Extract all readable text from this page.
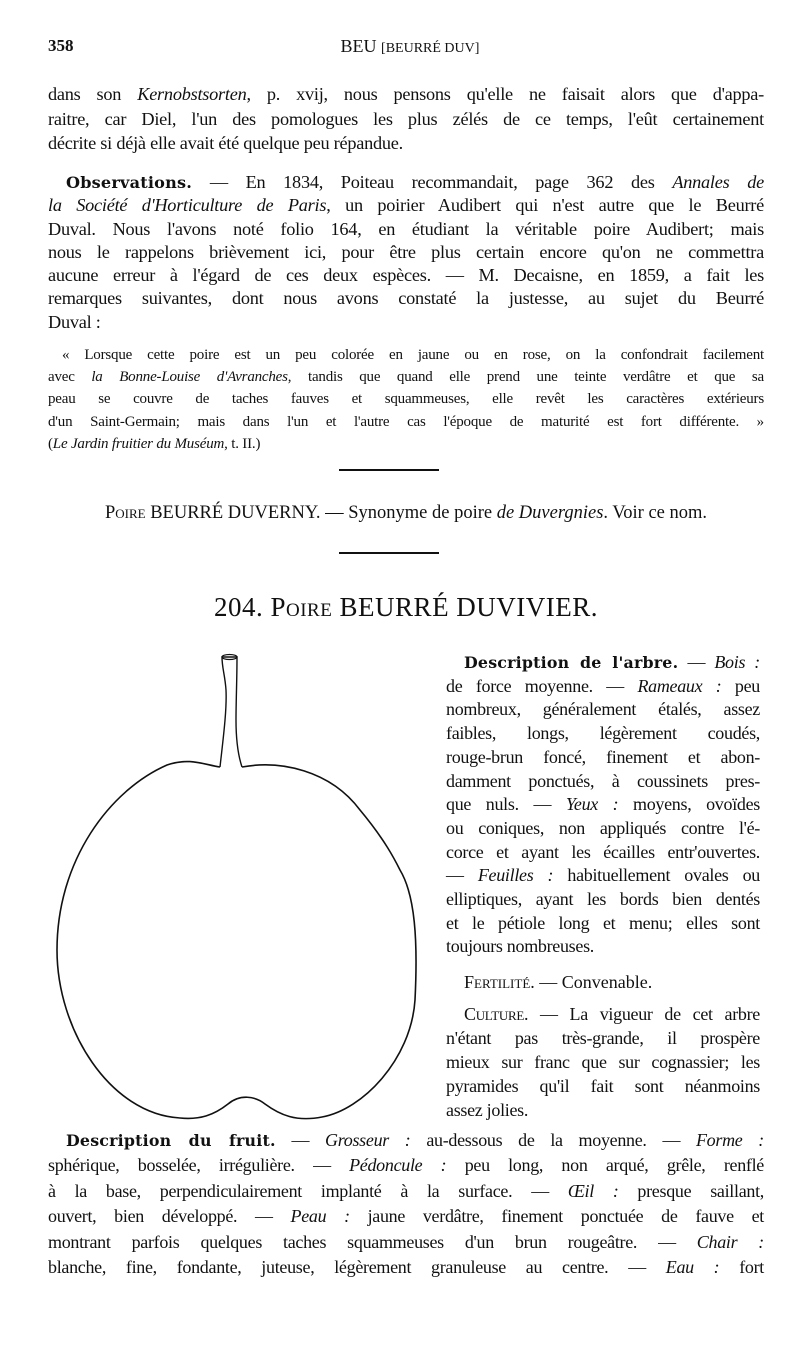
358	BEU [BEURRÉ DUV]
dans son Kernobstsorten, p. xvij, nous pensons qu'elle ne faisait alors que d'appa-
raitre, car Diel, l'un des pomologues les plus zélés de ce temps, l'eût certainement
décrite si déjà elle avait été quelque peu répandue.
Observations. — En 1834, Poiteau recommandait, page 362 des Annales de
la Société d'Horticulture de Paris, un poirier Audibert qui n'est autre que le Beurré
Duval. Nous l'avons noté folio 164, en étudiant la véritable poire Audibert; mais
nous le rappelons brièvement ici, pour être plus certain encore qu'on ne commettra
aucune erreur à l'égard de ces deux espèces. — M. Decaisne, en 1859, a fait les
remarques suivantes, dont nous avons constaté la justesse, au sujet du Beurré
Duval :
« Lorsque cette poire est un peu colorée en jaune ou en rose, on la confondrait facilement
avec la Bonne-Louise d'Avranches, tandis que quand elle prend une teinte verdâtre et que sa
peau se couvre de taches fauves et squammeuses, elle revêt les caractères extérieurs
d'un Saint-Germain; mais dans l'un et l'autre cas l'époque de maturité est fort différente. »
(Le Jardin fruitier du Muséum, t. II.)
Poire BEURRÉ DUVERNY. — Synonyme de poire de Duvergnies. Voir ce nom.
204. Poire BEURRÉ DUVIVIER.
Description de l'arbre. — Bois :
de force moyenne. — Rameaux : peu
nombreux, généralement étalés, assez
faibles, longs, légèrement coudés,
rouge-brun foncé, finement et abon-
damment ponctués, à coussinets pres-
que nuls. — Yeux : moyens, ovoïdes
ou coniques, non appliqués contre l'é-
corce et ayant les écailles entr'ouvertes.
— Feuilles : habituellement ovales ou
elliptiques, ayant les bords bien dentés
et le pétiole long et menu; elles sont
toujours nombreuses.
Fertilité. — Convenable.
Culture. — La vigueur de cet arbre
n'étant pas très-grande, il prospère
mieux sur franc que sur cognassier; les
pyramides qu'il fait sont néanmoins
assez jolies.
Description du fruit. — Grosseur : au-dessous de la moyenne. — Forme :
sphérique, bosselée, irrégulière. — Pédoncule : peu long, non arqué, grêle, renflé
à la base, perpendiculairement implanté à la surface. — Œil : presque saillant,
ouvert, bien développé. — Peau : jaune verdâtre, finement ponctuée de fauve et
montrant parfois quelques taches squammeuses d'un brun rougeâtre. — Chair :
blanche, fine, fondante, juteuse, légèrement granuleuse au centre. — Eau : fort
